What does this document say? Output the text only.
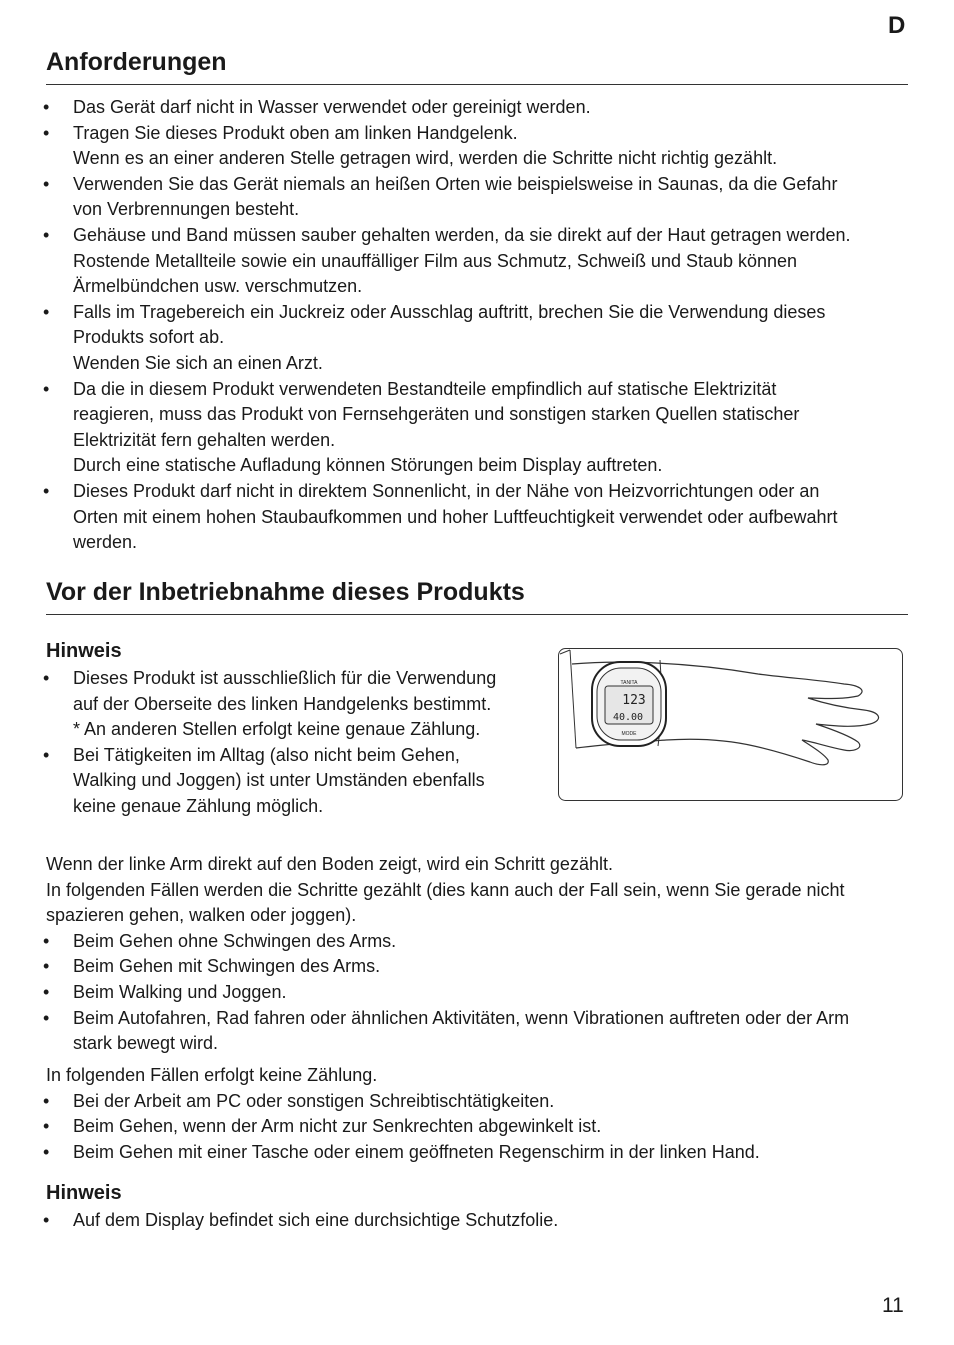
D
Anforderungen
• Das Gerät darf nicht in Wasser verwendet oder gereinigt werden.
• Tragen Sie dieses Produkt oben am linken Handgelenk.
Wenn es an einer anderen Stelle getragen wird, werden die Schritte nicht richtig gezählt.
• Verwenden Sie das Gerät niemals an heißen Orten wie beispielsweise in Saunas, da die Gefahr
von Verbrennungen besteht.
• Gehäuse und Band müssen sauber gehalten werden, da sie direkt auf der Haut getragen werden.
Rostende Metallteile sowie ein unauffälliger Film aus Schmutz, Schweiß und Staub können
Ärmelbündchen usw. verschmutzen.
• Falls im Tragebereich ein Juckreiz oder Ausschlag auftritt, brechen Sie die Verwendung dieses
Produkts sofort ab.
Wenden Sie sich an einen Arzt.
• Da die in diesem Produkt verwendeten Bestandteile empfindlich auf statische Elektrizität
reagieren, muss das Produkt von Fernsehgeräten und sonstigen starken Quellen statischer
Elektrizität fern gehalten werden.
Durch eine statische Aufladung können Störungen beim Display auftreten.
• Dieses Produkt darf nicht in direktem Sonnenlicht, in der Nähe von Heizvorrichtungen oder an
Orten mit einem hohen Staubaufkommen und hoher Luftfeuchtigkeit verwendet oder aufbewahrt
werden.
Vor der Inbetriebnahme dieses Produkts
Hinweis
• Dieses Produkt ist ausschließlich für die Verwendung
auf der Oberseite des linken Handgelenks bestimmt.
* An anderen Stellen erfolgt keine genaue Zählung.
• Bei Tätigkeiten im Alltag (also nicht beim Gehen,
Walking und Joggen) ist unter Umständen ebenfalls
keine genaue Zählung möglich.
TANITA
123
40.00
MODE
Wenn der linke Arm direkt auf den Boden zeigt, wird ein Schritt gezählt.
In folgenden Fällen werden die Schritte gezählt (dies kann auch der Fall sein, wenn Sie gerade nicht
spazieren gehen, walken oder joggen).
• Beim Gehen ohne Schwingen des Arms.
• Beim Gehen mit Schwingen des Arms.
• Beim Walking und Joggen.
• Beim Autofahren, Rad fahren oder ähnlichen Aktivitäten, wenn Vibrationen auftreten oder der Arm
stark bewegt wird.
In folgenden Fällen erfolgt keine Zählung.
• Bei der Arbeit am PC oder sonstigen Schreibtischtätigkeiten.
• Beim Gehen, wenn der Arm nicht zur Senkrechten abgewinkelt ist.
• Beim Gehen mit einer Tasche oder einem geöffneten Regenschirm in der linken Hand.
Hinweis
• Auf dem Display befindet sich eine durchsichtige Schutzfolie.
11
